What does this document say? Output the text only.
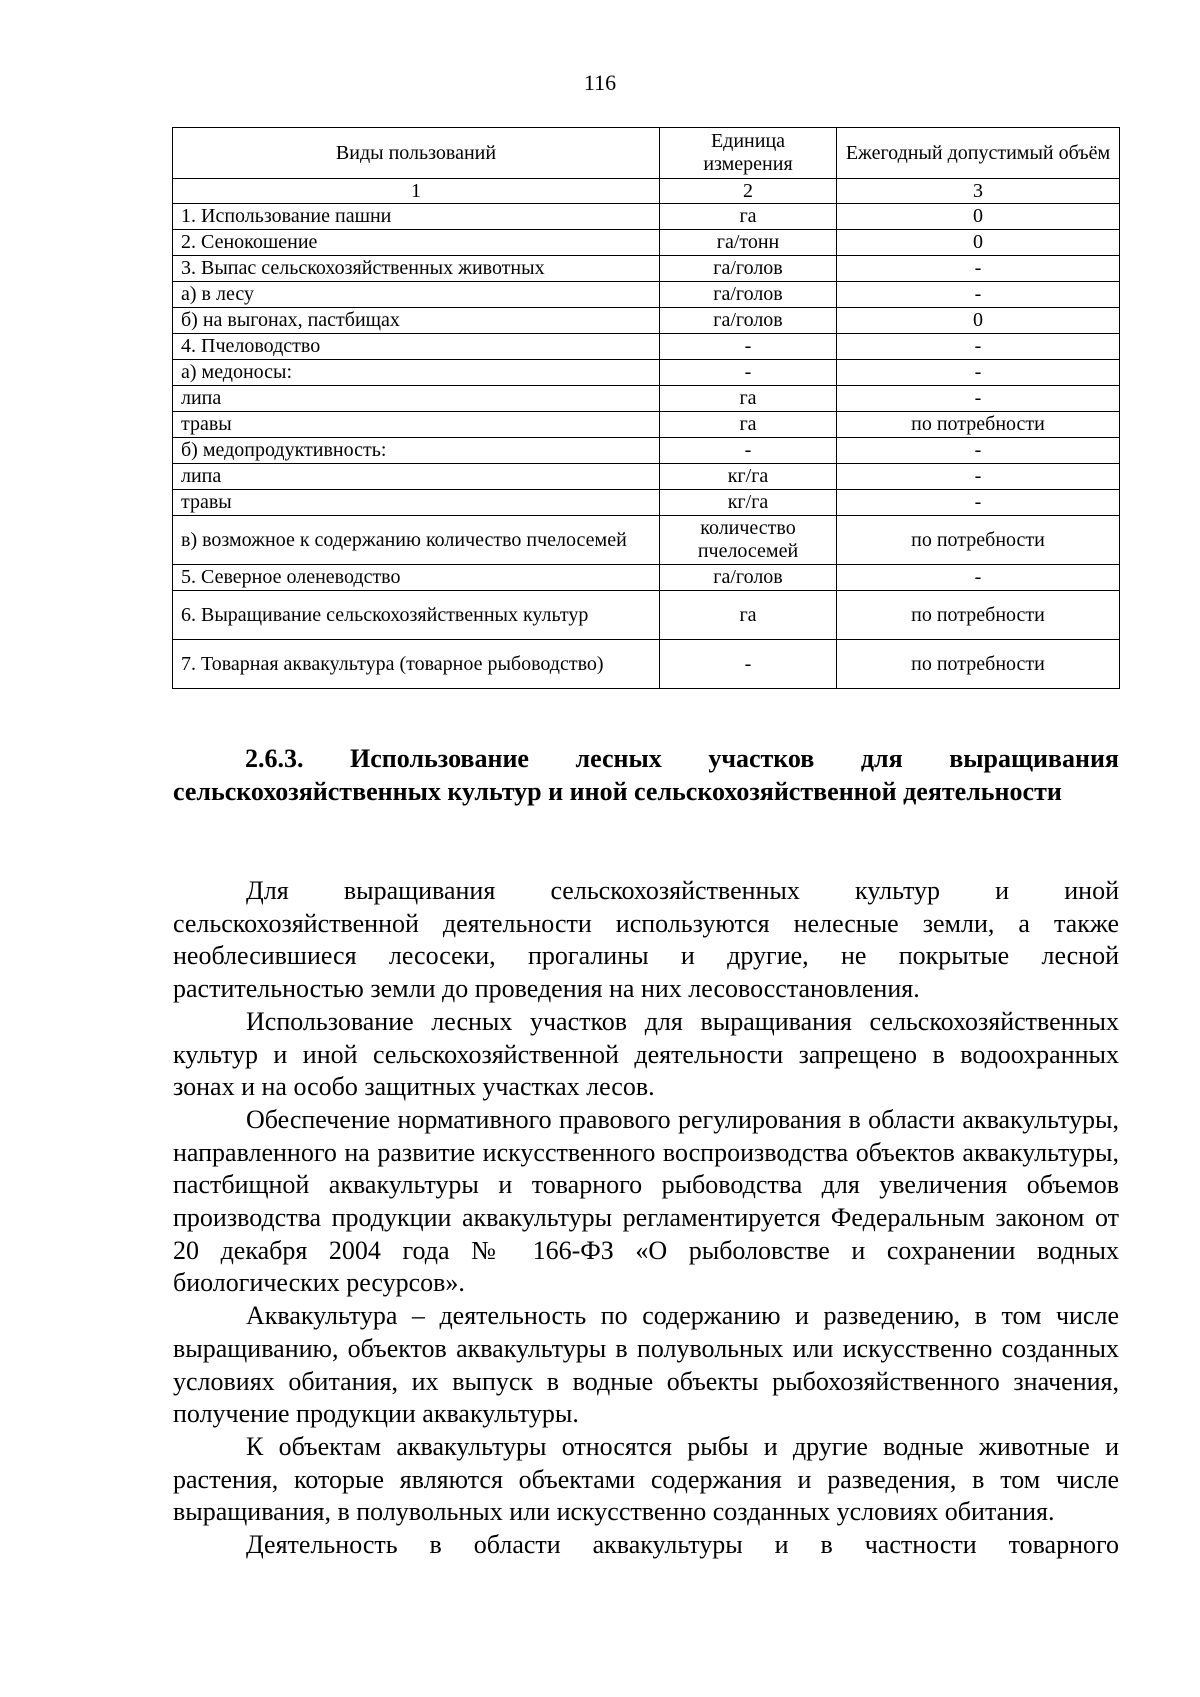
116
Виды пользований	Единица измерения	Ежегодный допустимый объём
1	2	3
1. Использование пашни	га	0
2. Сенокошение	га/тонн	0
3. Выпас сельскохозяйственных животных	га/голов	-
а) в лесу	га/голов	-
б) на выгонах, пастбищах	га/голов	0
4. Пчеловодство	-	-
а) медоносы:	-	-
липа	га	-
травы	га	по потребности
б) медопродуктивность:	-	-
липа	кг/га	-
травы	кг/га	-
в) возможное к содержанию количество пчелосемей	количество пчелосемей	по потребности
5. Северное оленеводство	га/голов	-
6. Выращивание сельскохозяйственных культур	га	по потребности
7. Товарная аквакультура (товарное рыбоводство)	-	по потребности
2.6.3. Использование лесных участков для выращивания сельскохозяйственных культур и иной сельскохозяйственной деятельности

Для выращивания сельскохозяйственных культур и иной сельскохозяйственной деятельности используются нелесные земли, а также необлесившиеся лесосеки, прогалины и другие, не покрытые лесной растительностью земли до проведения на них лесовосстановления.

Использование лесных участков для выращивания сельскохозяйственных культур и иной сельскохозяйственной деятельности запрещено в водоохранных зонах и на особо защитных участках лесов.

Обеспечение нормативного правового регулирования в области аквакультуры, направленного на развитие искусственного воспроизводства объектов аквакультуры, пастбищной аквакультуры и товарного рыбоводства для увеличения объемов производства продукции аквакультуры регламентируется Федеральным законом от 20 декабря 2004 года № 166-ФЗ «О рыболовстве и сохранении водных биологических ресурсов».

Аквакультура – деятельность по содержанию и разведению, в том числе выращиванию, объектов аквакультуры в полувольных или искусственно созданных условиях обитания, их выпуск в водные объекты рыбохозяйственного значения, получение продукции аквакультуры.

К объектам аквакультуры относятся рыбы и другие водные животные и растения, которые являются объектами содержания и разведения, в том числе выращивания, в полувольных или искусственно созданных условиях обитания.

Деятельность в области аквакультуры и в частности товарного
